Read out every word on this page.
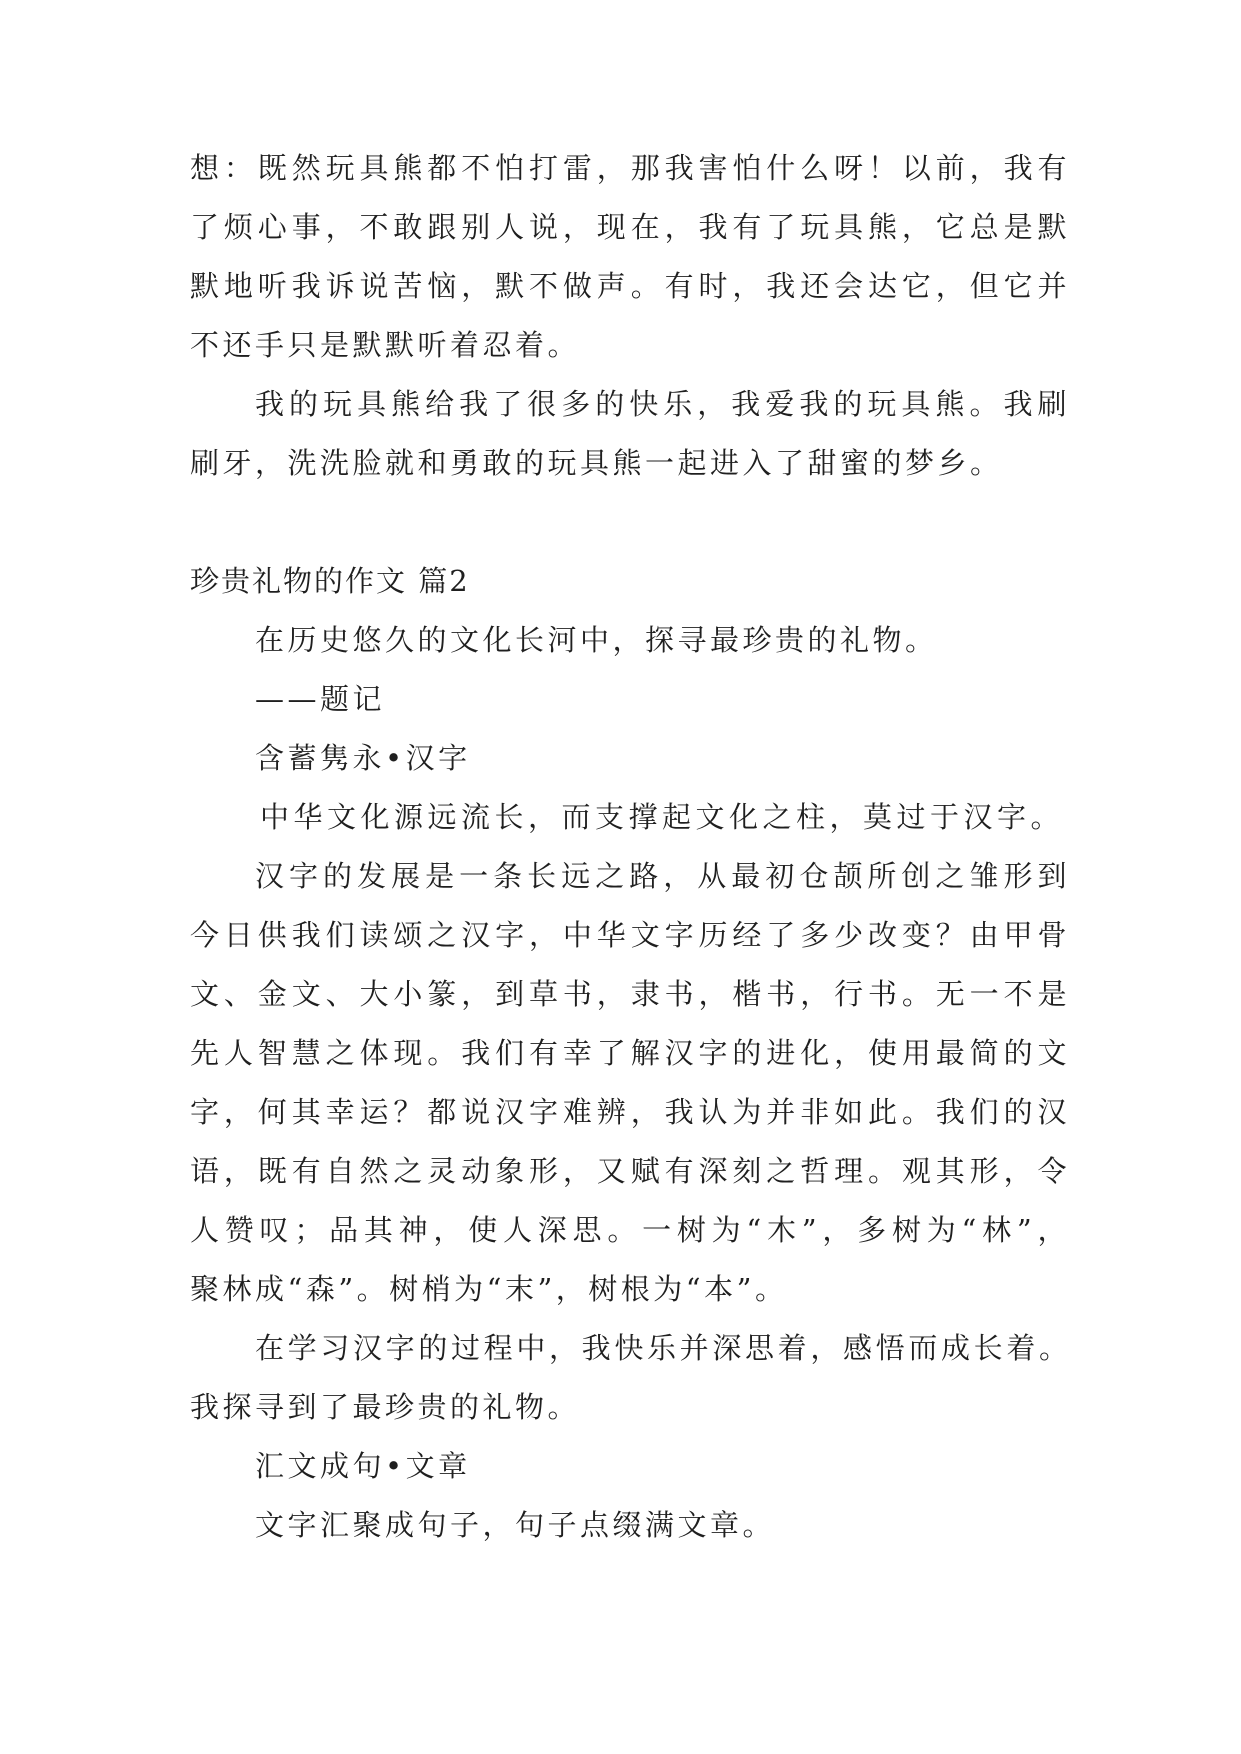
想：既然玩具熊都不怕打雷，那我害怕什么呀！以前，我有
了烦心事，不敢跟别人说，现在，我有了玩具熊，它总是默
默地听我诉说苦恼，默不做声。有时，我还会达它，但它并
不还手只是默默听着忍着。
我的玩具熊给我了很多的快乐，我爱我的玩具熊。我刷
刷牙，洗洗脸就和勇敢的玩具熊一起进入了甜蜜的梦乡。
珍贵礼物的作文 篇2
在历史悠久的文化长河中，探寻最珍贵的礼物。
——题记
含蓄隽永•汉字
中华文化源远流长，而支撑起文化之柱，莫过于汉字。
汉字的发展是一条长远之路，从最初仓颉所创之雏形到
今日供我们读颂之汉字，中华文字历经了多少改变？由甲骨
文、金文、大小篆，到草书，隶书，楷书，行书。无一不是
先人智慧之体现。我们有幸了解汉字的进化，使用最简的文
字，何其幸运？都说汉字难辨，我认为并非如此。我们的汉
语，既有自然之灵动象形，又赋有深刻之哲理。观其形，令
人赞叹；品其神，使人深思。一树为“木”，多树为“林”，
聚林成“森”。树梢为“末”，树根为“本”。
在学习汉字的过程中，我快乐并深思着，感悟而成长着。
我探寻到了最珍贵的礼物。
汇文成句•文章
文字汇聚成句子，句子点缀满文章。
